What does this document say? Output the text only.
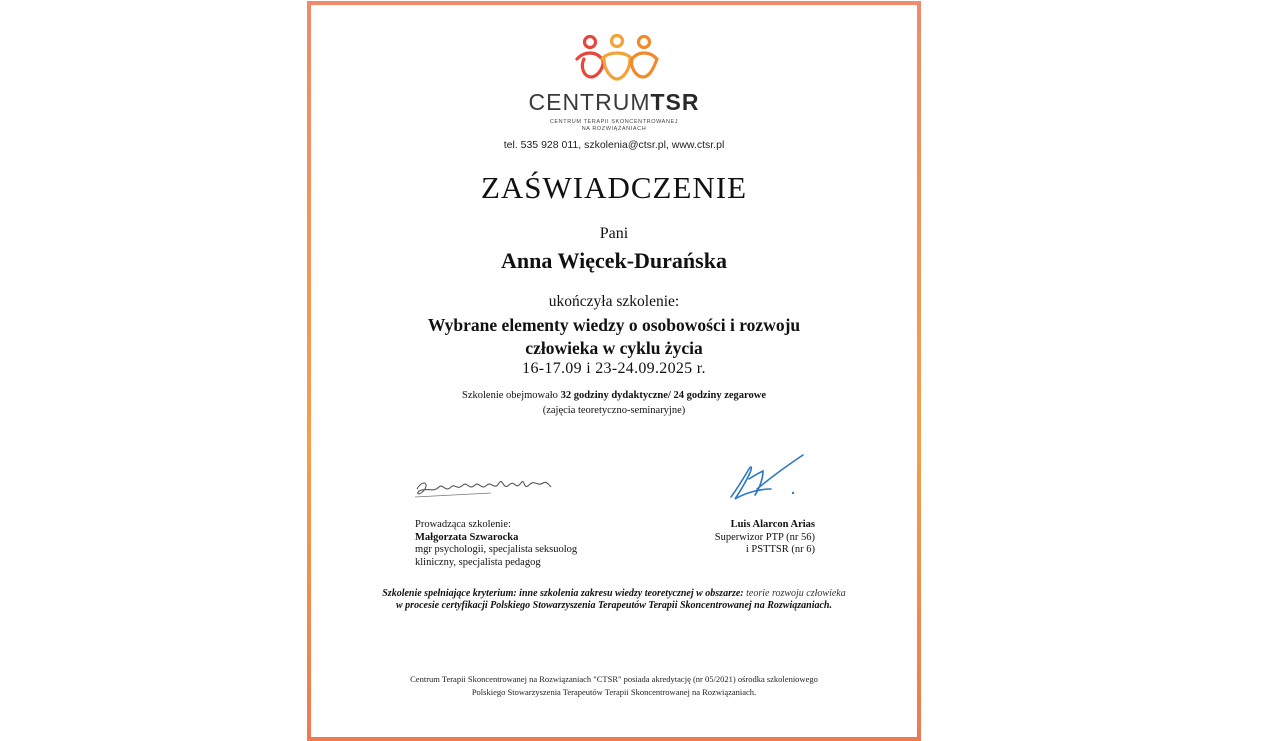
CENTRUMTSR
CENTRUM TERAPII SKONCENTROWANEJ
NA ROZWIĄZANIACH
tel. 535 928 011, szkolenia@ctsr.pl, www.ctsr.pl
ZAŚWIADCZENIE
Pani
Anna Więcek-Durańska
ukończyła szkolenie:
Wybrane elementy wiedzy o osobowości i rozwoju
człowieka w cyklu życia
16-17.09 i 23-24.09.2025 r.
Szkolenie obejmowało 32 godziny dydaktyczne/ 24 godziny zegarowe
(zajęcia teoretyczno-seminaryjne)
Prowadząca szkolenie:
Małgorzata Szwarocka
mgr psychologii, specjalista seksuolog
kliniczny, specjalista pedagog
Luis Alarcon Arias
Superwizor PTP (nr 56)
i PSTTSR (nr 6)
Szkolenie spełniające kryterium: inne szkolenia zakresu wiedzy teoretycznej w obszarze: teorie rozwoju człowieka w procesie certyfikacji Polskiego Stowarzyszenia Terapeutów Terapii Skoncentrowanej na Rozwiązaniach.
Centrum Terapii Skoncentrowanej na Rozwiązaniach "CTSR" posiada akredytację (nr 05/2021) ośrodka szkoleniowego
Polskiego Stowarzyszenia Terapeutów Terapii Skoncentrowanej na Rozwiązaniach.
